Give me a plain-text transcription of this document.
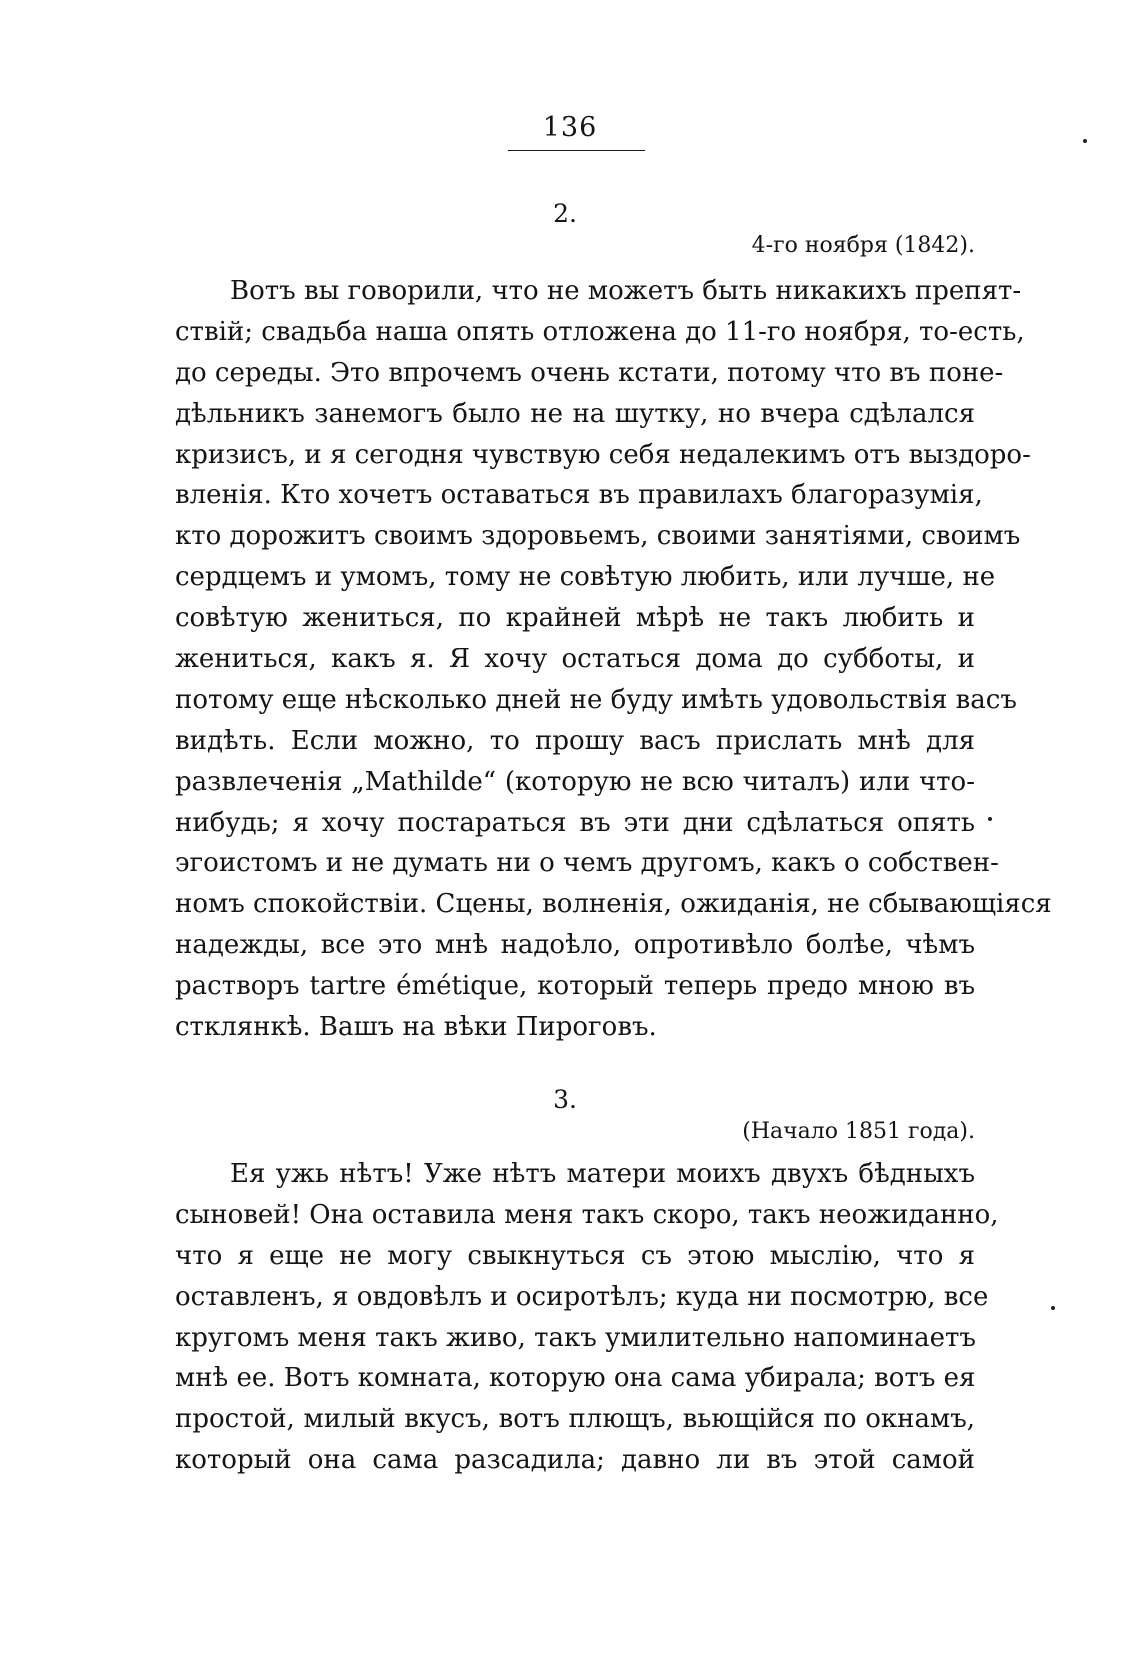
136
2.
4-го ноября (1842).
Вотъ вы говорили, что не можетъ быть никакихъ препят-
ствій; свадьба наша опять отложена до 11-го ноября, то-есть,
до середы. Это впрочемъ очень кстати, потому что въ поне-
дѣльникъ занемогъ было не на шутку, но вчера сдѣлался
кризисъ, и я сегодня чувствую себя недалекимъ отъ выздоро-
вленія. Кто хочетъ оставаться въ правилахъ благоразумія,
кто дорожитъ своимъ здоровьемъ, своими занятіями, своимъ
сердцемъ и умомъ, тому не совѣтую любить, или лучше, не
совѣтую жениться, по крайней мѣрѣ не такъ любить и
жениться, какъ я. Я хочу остаться дома до субботы, и
потому еще нѣсколько дней не буду имѣть удовольствія васъ
видѣть. Если можно, то прошу васъ прислать мнѣ для
развлеченія „Mathilde“ (которую не всю читалъ) или что-
нибудь; я хочу постараться въ эти дни сдѣлаться опять
эгоистомъ и не думать ни о чемъ другомъ, какъ о собствен-
номъ спокойствіи. Сцены, волненія, ожиданія, не сбывающіяся
надежды, все это мнѣ надоѣло, опротивѣло болѣе, чѣмъ
растворъ tartre émétique, который теперь предо мною въ
стклянкѣ. Вашъ на вѣки Пироговъ.
3.
(Начало 1851 года).
Ея ужь нѣтъ! Уже нѣтъ матери моихъ двухъ бѣдныхъ
сыновей! Она оставила меня такъ скоро, такъ неожиданно,
что я еще не могу свыкнуться съ этою мыслію, что я
оставленъ, я овдовѣлъ и осиротѣлъ; куда ни посмотрю, все
кругомъ меня такъ живо, такъ умилительно напоминаетъ
мнѣ ее. Вотъ комната, которую она сама убирала; вотъ ея
простой, милый вкусъ, вотъ плющъ, вьющійся по окнамъ,
который она сама разсадила; давно ли въ этой самой
